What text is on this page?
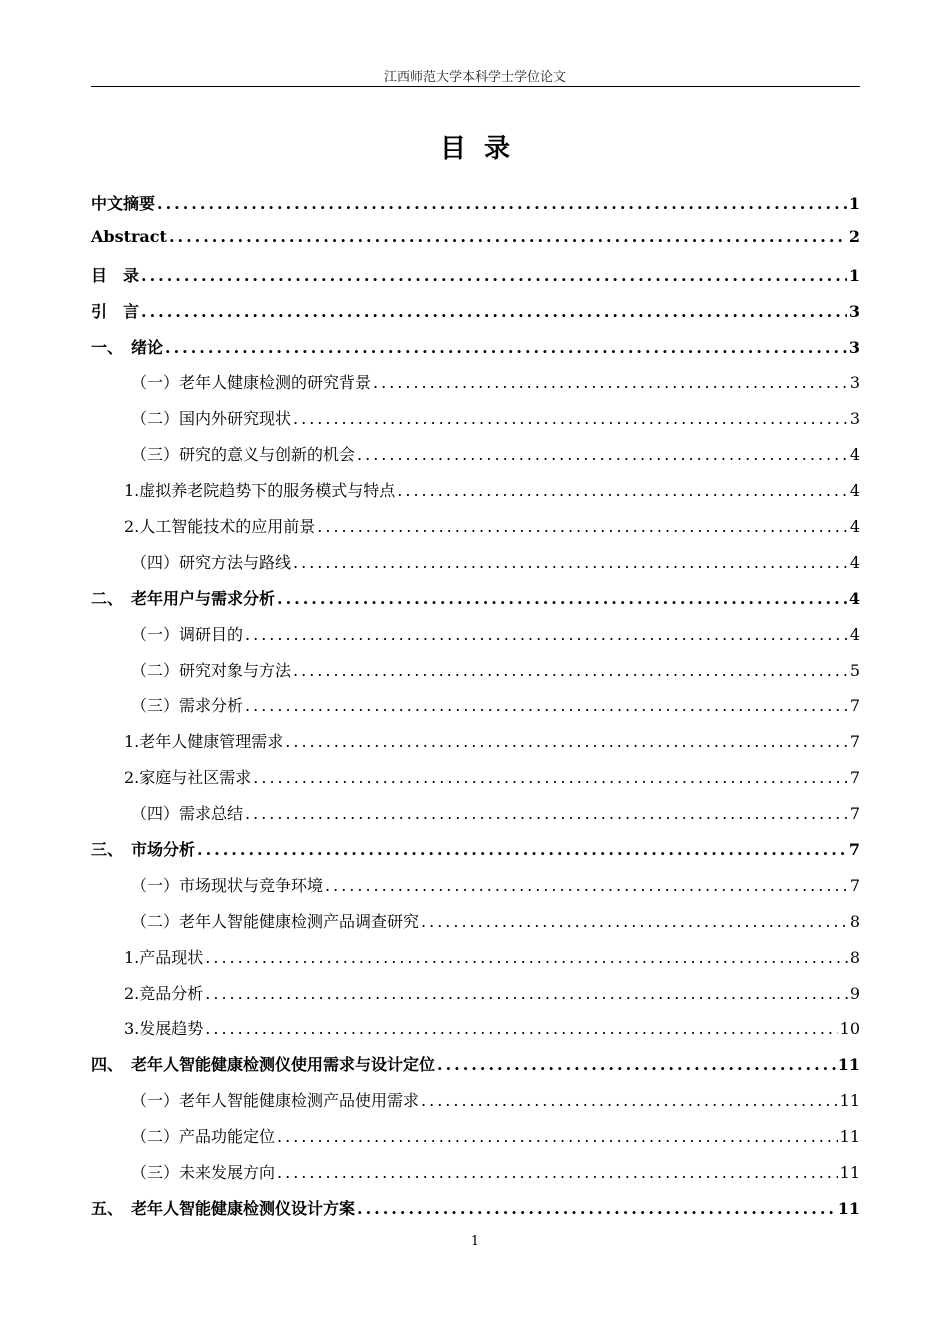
江西师范大学本科学士学位论文
目录
中文摘要 .....	1
Abstract .....	2
目　录 .....	1
引　言 .....	3
一、　绪论 .....	3
（一）老年人健康检测的研究背景 .....	3
（二）国内外研究现状 .....	3
（三）研究的意义与创新的机会 .....	4
1.虚拟养老院趋势下的服务模式与特点 .....	4
2.人工智能技术的应用前景 .....	4
（四）研究方法与路线 .....	4
二、　老年用户与需求分析 .....	4
（一）调研目的 .....	4
（二）研究对象与方法 .....	5
（三）需求分析 .....	7
1.老年人健康管理需求 .....	7
2.家庭与社区需求 .....	7
（四）需求总结 .....	7
三、　市场分析 .....	7
（一）市场现状与竞争环境 .....	7
（二）老年人智能健康检测产品调查研究 .....	8
1.产品现状 .....	8
2.竞品分析 .....	9
3.发展趋势 .....	10
四、　老年人智能健康检测仪使用需求与设计定位 .....	11
（一）老年人智能健康检测产品使用需求 .....	11
（二）产品功能定位 .....	11
（三）未来发展方向 .....	11
五、　老年人智能健康检测仪设计方案 .....	11
1
